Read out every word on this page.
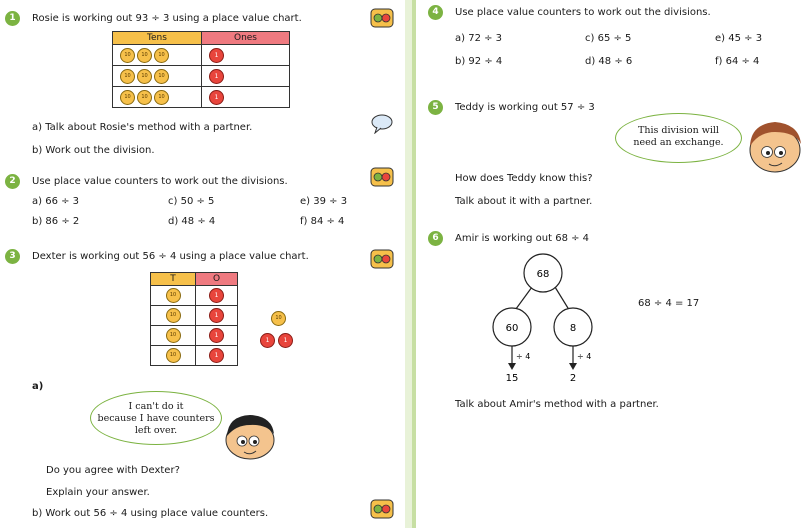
1	Rosie is working out 93 ÷ 3 using a place value chart.
Tens	Ones
10 10 10	1
10 10 10	1
10 10 10	1
a) Talk about Rosie's method with a partner.
b) Work out the division.
2	Use place value counters to work out the divisions.
a) 66 ÷ 3	c) 50 ÷ 5	e) 39 ÷ 3
b) 86 ÷ 2	d) 48 ÷ 4	f) 84 ÷ 4
3	Dexter is working out 56 ÷ 4 using a place value chart.
T	O
10	1
10	1
10	1
10	1
10
1	1
a)
I can't do it
because I have counters
left over.
Do you agree with Dexter?
Explain your answer.
b) Work out 56 ÷ 4 using place value counters.
4	Use place value counters to work out the divisions.
a) 72 ÷ 3	c) 65 ÷ 5	e) 45 ÷ 3
b) 92 ÷ 4	d) 48 ÷ 6	f) 64 ÷ 4
5	Teddy is working out 57 ÷ 3
This division will
need an exchange.
How does Teddy know this?
Talk about it with a partner.
6	Amir is working out 68 ÷ 4
68
60	8
÷ 4	÷ 4
15	2
68 ÷ 4 = 17
Talk about Amir's method with a partner.
